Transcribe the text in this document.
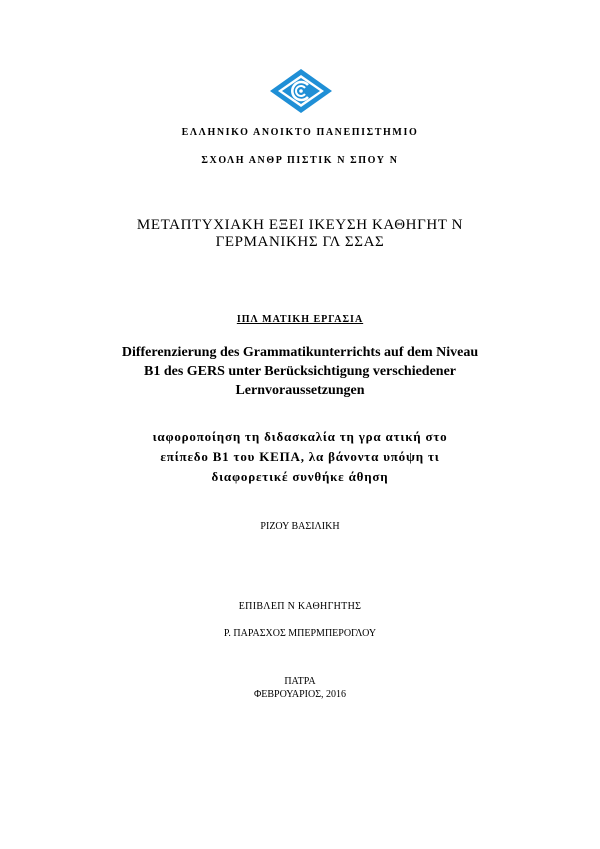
ΕΛΛΗΝΙΚΟ ΑΝΟΙΚΤΟ ΠΑΝΕΠΙΣΤΗΜΙΟ
ΣΧΟΛΗ ΑΝΘΡ ΠΙΣΤΙΚ Ν ΣΠΟΥ Ν
ΜΕΤΑΠΤΥΧΙΑΚΗ ΕΞΕΙ ΙΚΕΥΣΗ ΚΑΘΗΓΗΤ Ν
ΓΕΡΜΑΝΙΚΗΣ ΓΛ ΣΣΑΣ
ΙΠΛ ΜΑΤΙΚΗ ΕΡΓΑΣΙΑ
Differenzierung des Grammatikunterrichts auf dem Niveau
B1 des GERS unter Berücksichtigung verschiedener
Lernvoraussetzungen
ιαφοροποίηση τη διδασκαλία τη γρα ατική στο
επίπεδο B1 του ΚΕΠΑ, λα βάνοντα υπόψη τι
διαφορετικέ συνθήκε άθηση
ΡΙΖΟΥ ΒΑΣΙΛΙΚΗ
ΕΠΙΒΛΕΠ Ν ΚΑΘΗΓΗΤΗΣ
Ρ. ΠΑΡΑΣΧΟΣ ΜΠΕΡΜΠΕΡΟΓΛΟΥ
ΠΑΤΡΑ
ΦΕΒΡΟΥΑΡΙΟΣ, 2016
